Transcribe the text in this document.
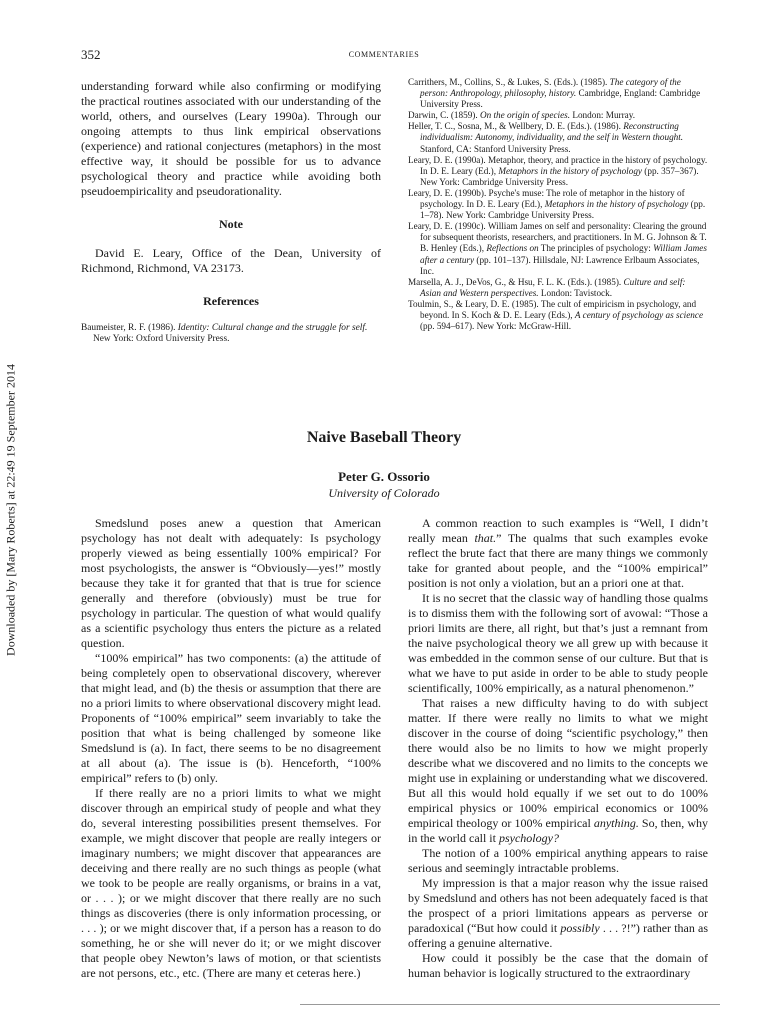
352	COMMENTARIES
Downloaded by [Mary Roberts] at 22:49 19 September 2014

understanding forward while also confirming or modifying the practical routines associated with our understanding of the world, others, and ourselves (Leary 1990a). Through our ongoing attempts to thus link empirical observations (experience) and rational conjectures (metaphors) in the most effective way, it should be possible for us to advance psychological theory and practice while avoiding both pseudoempiricality and pseudorationality.

Note

David E. Leary, Office of the Dean, University of Richmond, Richmond, VA 23173.

References

Baumeister, R. F. (1986). Identity: Cultural change and the struggle for self. New York: Oxford University Press.

Carrithers, M., Collins, S., & Lukes, S. (Eds.). (1985). The category of the person: Anthropology, philosophy, history. Cambridge, England: Cambridge University Press.

Darwin, C. (1859). On the origin of species. London: Murray.

Heller, T. C., Sosna, M., & Wellbery, D. E. (Eds.). (1986). Reconstructing individualism: Autonomy, individuality, and the self in Western thought. Stanford, CA: Stanford University Press.

Leary, D. E. (1990a). Metaphor, theory, and practice in the history of psychology. In D. E. Leary (Ed.), Metaphors in the history of psychology (pp. 357–367). New York: Cambridge University Press.

Leary, D. E. (1990b). Psyche's muse: The role of metaphor in the history of psychology. In D. E. Leary (Ed.), Metaphors in the history of psychology (pp. 1–78). New York: Cambridge University Press.

Leary, D. E. (1990c). William James on self and personality: Clearing the ground for subsequent theorists, researchers, and practitioners. In M. G. Johnson & T. B. Henley (Eds.), Reflections on The principles of psychology: William James after a century (pp. 101–137). Hillsdale, NJ: Lawrence Erlbaum Associates, Inc.

Marsella, A. J., DeVos, G., & Hsu, F. L. K. (Eds.). (1985). Culture and self: Asian and Western perspectives. London: Tavistock.

Toulmin, S., & Leary, D. E. (1985). The cult of empiricism in psychology, and beyond. In S. Koch & D. E. Leary (Eds.), A century of psychology as science (pp. 594–617). New York: McGraw-Hill.

Naive Baseball Theory
Peter G. Ossorio
University of Colorado

Smedslund poses anew a question that American psychology has not dealt with adequately: Is psychology properly viewed as being essentially 100% empirical? For most psychologists, the answer is “Obviously—yes!” mostly because they take it for granted that that is true for science generally and therefore (obviously) must be true for psychology in particular. The question of what would qualify as a scientific psychology thus enters the picture as a related question.

“100% empirical” has two components: (a) the attitude of being completely open to observational discovery, wherever that might lead, and (b) the thesis or assumption that there are no a priori limits to where observational discovery might lead. Proponents of “100% empirical” seem invariably to take the position that what is being challenged by someone like Smedslund is (a). In fact, there seems to be no disagreement at all about (a). The issue is (b). Henceforth, “100% empirical” refers to (b) only.

If there really are no a priori limits to what we might discover through an empirical study of people and what they do, several interesting possibilities present themselves. For example, we might discover that people are really integers or imaginary numbers; we might discover that appearances are deceiving and there really are no such things as people (what we took to be people are really organisms, or brains in a vat, or . . . ); or we might discover that there really are no such things as discoveries (there is only information processing, or . . . ); or we might discover that, if a person has a reason to do something, he or she will never do it; or we might discover that people obey Newton’s laws of motion, or that scientists are not persons, etc., etc. (There are many et ceteras here.)

A common reaction to such examples is “Well, I didn’t really mean that.” The qualms that such examples evoke reflect the brute fact that there are many things we commonly take for granted about people, and the “100% empirical” position is not only a violation, but an a priori one at that.

It is no secret that the classic way of handling those qualms is to dismiss them with the following sort of avowal: “Those a priori limits are there, all right, but that’s just a remnant from the naive psychological theory we all grew up with because it was embedded in the common sense of our culture. But that is what we have to put aside in order to be able to study people scientifically, 100% empirically, as a natural phenomenon.”

That raises a new difficulty having to do with subject matter. If there were really no limits to what we might discover in the course of doing “scientific psychology,” then there would also be no limits to how we might properly describe what we discovered and no limits to the concepts we might use in explaining or understanding what we discovered. But all this would hold equally if we set out to do 100% empirical physics or 100% empirical economics or 100% empirical theology or 100% empirical anything. So, then, why in the world call it psychology?

The notion of a 100% empirical anything appears to raise serious and seemingly intractable problems.

My impression is that a major reason why the issue raised by Smedslund and others has not been adequately faced is that the prospect of a priori limitations appears as perverse or paradoxical (“But how could it possibly . . . ?!”) rather than as offering a genuine alternative.

How could it possibly be the case that the domain of human behavior is logically structured to the extraordinary
